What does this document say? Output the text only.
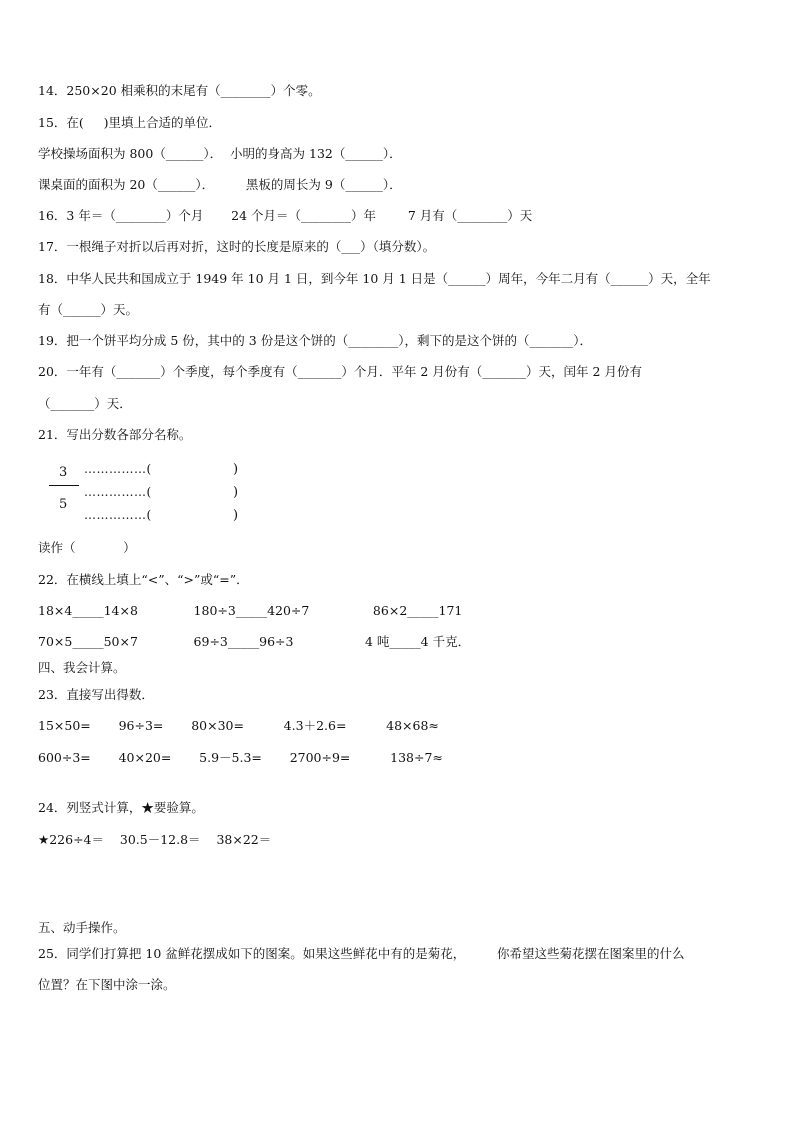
14．250×20 相乘积的末尾有（________）个零。
15．在(     )里填上合适的单位．
学校操场面积为 800（______）．  小明的身高为 132（______）．
课桌面的面积为 20（______）．        黑板的周长为 9（______）．
16．3 年＝（________）个月       24 个月＝（________）年        7 月有（________）天
17．一根绳子对折以后再对折，这时的长度是原来的（___）（填分数）。
18．中华人民共和国成立于 1949 年 10 月 1 日，到今年 10 月 1 日是（______）周年，今年二月有（______）天，全年
有（______）天。
19．把一个饼平均分成 5 份，其中的 3 份是这个饼的（________），剩下的是这个饼的（_______）．
20．一年有（_______）个季度，每个季度有（_______）个月．平年 2 月份有（_______）天，闰年 2 月份有
（_______）天．
21．写出分数各部分名称。
3
5
……………(	)
……………(	)
……………(	)
读作（            ）
22．在横线上填上“<”、“>”或“=”．
18×4_____14×8              180÷3_____420÷7                86×2_____171
70×5_____50×7              69÷3_____96÷3                  4 吨_____4 千克．
四、我会计算。
23．直接写出得数．
15×50=       96÷3=       80×30=          4.3＋2.6=          48×68≈
600÷3=       40×20=       5.9－5.3=       2700÷9=          138÷7≈
24．列竖式计算，★要验算。
★226÷4＝    30.5－12.8＝    38×22＝
五、动手操作。
25．同学们打算把 10 盆鲜花摆成如下的图案。如果这些鲜花中有的是菊花，        你希望这些菊花摆在图案里的什么
位置？在下图中涂一涂。
